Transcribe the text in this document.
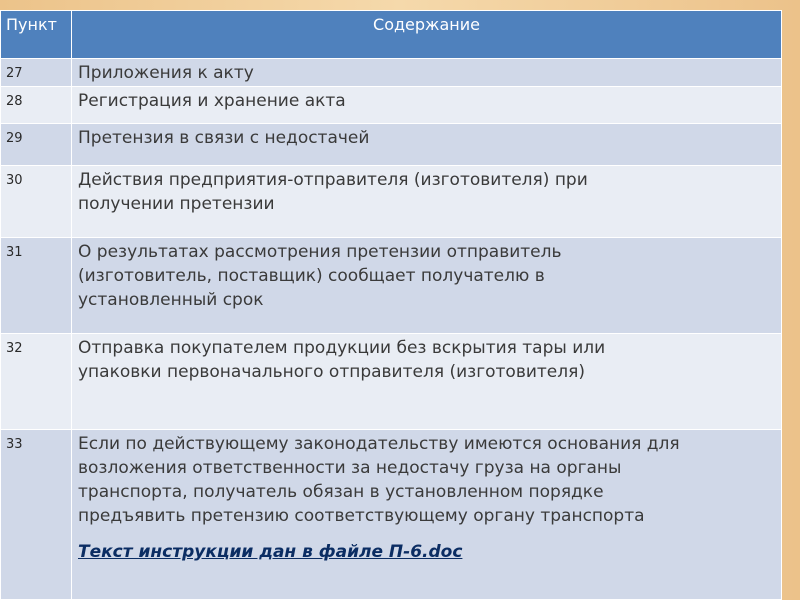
Пункт	Содержание
27	Приложения к акту

28	Регистрация и хранение акта

29	Претензия в связи с недостачей

30	Действия предприятия-отправителя (изготовителя) при
получении претензии

31	О результатах рассмотрения претензии отправитель
(изготовитель, поставщик) сообщает получателю в
установленный срок

32	Отправка покупателем продукции без вскрытия тары или
упаковки первоначального отправителя (изготовителя)

33	Если по действующему законодательству имеются основания для
возложения ответственности за недостачу груза на органы
транспорта, получатель обязан в установленном порядке
предъявить претензию соответствующему органу транспорта
Текст инструкции дан в файле П-6.doc
